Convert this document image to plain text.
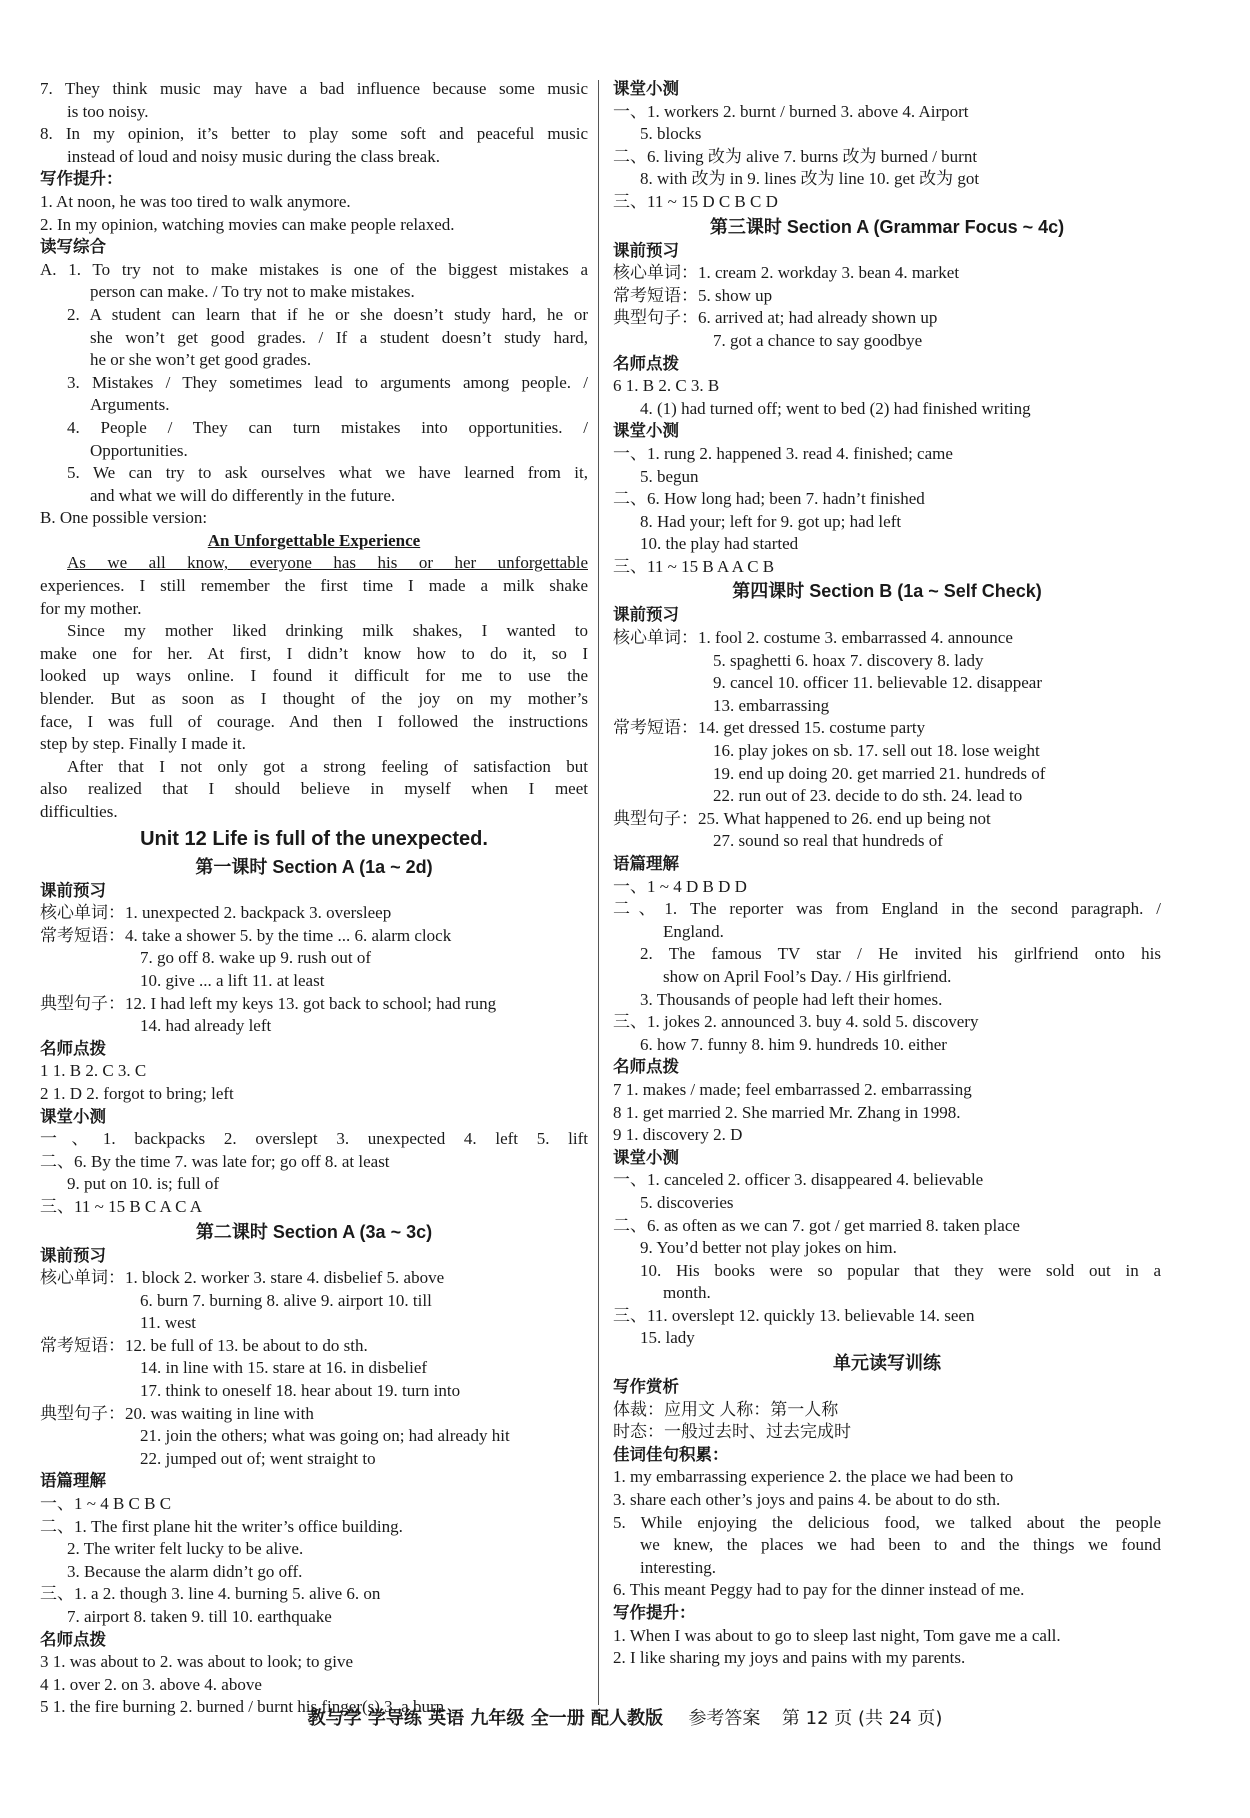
7. They think music may have a bad influence because some music
is too noisy.
8. In my opinion, it’s better to play some soft and peaceful music
instead of loud and noisy music during the class break.
写作提升：
1. At noon, he was too tired to walk anymore.
2. In my opinion, watching movies can make people relaxed.
读写综合
A. 1. To try not to make mistakes is one of the biggest mistakes a
person can make. / To try not to make mistakes.
2. A student can learn that if he or she doesn’t study hard, he or
she won’t get good grades. / If a student doesn’t study hard,
he or she won’t get good grades.
3. Mistakes / They sometimes lead to arguments among people. /
Arguments.
4. People / They can turn mistakes into opportunities. /
Opportunities.
5. We can try to ask ourselves what we have learned from it,
and what we will do differently in the future.
B. One possible version:
An Unforgettable Experience
As we all know, everyone has his or her unforgettable
experiences. I still remember the first time I made a milk shake
for my mother.
Since my mother liked drinking milk shakes, I wanted to
make one for her. At first, I didn’t know how to do it, so I
looked up ways online. I found it difficult for me to use the
blender. But as soon as I thought of the joy on my mother’s
face, I was full of courage. And then I followed the instructions
step by step. Finally I made it.
After that I not only got a strong feeling of satisfaction but
also realized that I should believe in myself when I meet
difficulties.
Unit 12 Life is full of the unexpected.
第一课时 Section A (1a ~ 2d)
课前预习
核心单词：1. unexpected 2. backpack 3. oversleep
常考短语：4. take a shower 5. by the time ... 6. alarm clock
7. go off 8. wake up 9. rush out of
10. give ... a lift 11. at least
典型句子：12. I had left my keys 13. got back to school; had rung
14. had already left
名师点拨
1 1. B 2. C 3. C
2 1. D 2. forgot to bring; left
课堂小测
一、1. backpacks 2. overslept 3. unexpected 4. left 5. lift
二、6. By the time 7. was late for; go off 8. at least
9. put on 10. is; full of
三、11 ~ 15 B C A C A
第二课时 Section A (3a ~ 3c)
课前预习
核心单词：1. block 2. worker 3. stare 4. disbelief 5. above
6. burn 7. burning 8. alive 9. airport 10. till
11. west
常考短语：12. be full of 13. be about to do sth.
14. in line with 15. stare at 16. in disbelief
17. think to oneself 18. hear about 19. turn into
典型句子：20. was waiting in line with
21. join the others; what was going on; had already hit
22. jumped out of; went straight to
语篇理解
一、1 ~ 4 B C B C
二、1. The first plane hit the writer’s office building.
2. The writer felt lucky to be alive.
3. Because the alarm didn’t go off.
三、1. a 2. though 3. line 4. burning 5. alive 6. on
7. airport 8. taken 9. till 10. earthquake
名师点拨
3 1. was about to 2. was about to look; to give
4 1. over 2. on 3. above 4. above
5 1. the fire burning 2. burned / burnt his finger(s) 3. a burn
课堂小测
一、1. workers 2. burnt / burned 3. above 4. Airport
5. blocks
二、6. living 改为 alive 7. burns 改为 burned / burnt
8. with 改为 in 9. lines 改为 line 10. get 改为 got
三、11 ~ 15 D C B C D
第三课时 Section A (Grammar Focus ~ 4c)
课前预习
核心单词：1. cream 2. workday 3. bean 4. market
常考短语：5. show up
典型句子：6. arrived at; had already shown up
7. got a chance to say goodbye
名师点拨
6 1. B 2. C 3. B
4. (1) had turned off; went to bed (2) had finished writing
课堂小测
一、1. rung 2. happened 3. read 4. finished; came
5. begun
二、6. How long had; been 7. hadn’t finished
8. Had your; left for 9. got up; had left
10. the play had started
三、11 ~ 15 B A A C B
第四课时 Section B (1a ~ Self Check)
课前预习
核心单词：1. fool 2. costume 3. embarrassed 4. announce
5. spaghetti 6. hoax 7. discovery 8. lady
9. cancel 10. officer 11. believable 12. disappear
13. embarrassing
常考短语：14. get dressed 15. costume party
16. play jokes on sb. 17. sell out 18. lose weight
19. end up doing 20. get married 21. hundreds of
22. run out of 23. decide to do sth. 24. lead to
典型句子：25. What happened to 26. end up being not
27. sound so real that hundreds of
语篇理解
一、1 ~ 4 D B D D
二、1. The reporter was from England in the second paragraph. /
England.
2. The famous TV star / He invited his girlfriend onto his
show on April Fool’s Day. / His girlfriend.
3. Thousands of people had left their homes.
三、1. jokes 2. announced 3. buy 4. sold 5. discovery
6. how 7. funny 8. him 9. hundreds 10. either
名师点拨
7 1. makes / made; feel embarrassed 2. embarrassing
8 1. get married 2. She married Mr. Zhang in 1998.
9 1. discovery 2. D
课堂小测
一、1. canceled 2. officer 3. disappeared 4. believable
5. discoveries
二、6. as often as we can 7. got / get married 8. taken place
9. You’d better not play jokes on him.
10. His books were so popular that they were sold out in a
month.
三、11. overslept 12. quickly 13. believable 14. seen
15. lady
单元读写训练
写作赏析
体裁：应用文 人称：第一人称
时态：一般过去时、过去完成时
佳词佳句积累：
1. my embarrassing experience 2. the place we had been to
3. share each other’s joys and pains 4. be about to do sth.
5. While enjoying the delicious food, we talked about the people
we knew, the places we had been to and the things we found
interesting.
6. This meant Peggy had to pay for the dinner instead of me.
写作提升：
1. When I was about to go to sleep last night, Tom gave me a call.
2. I like sharing my joys and pains with my parents.
教与学 学导练 英语 九年级 全一册 配人教版 参考答案 第 12 页 (共 24 页)
